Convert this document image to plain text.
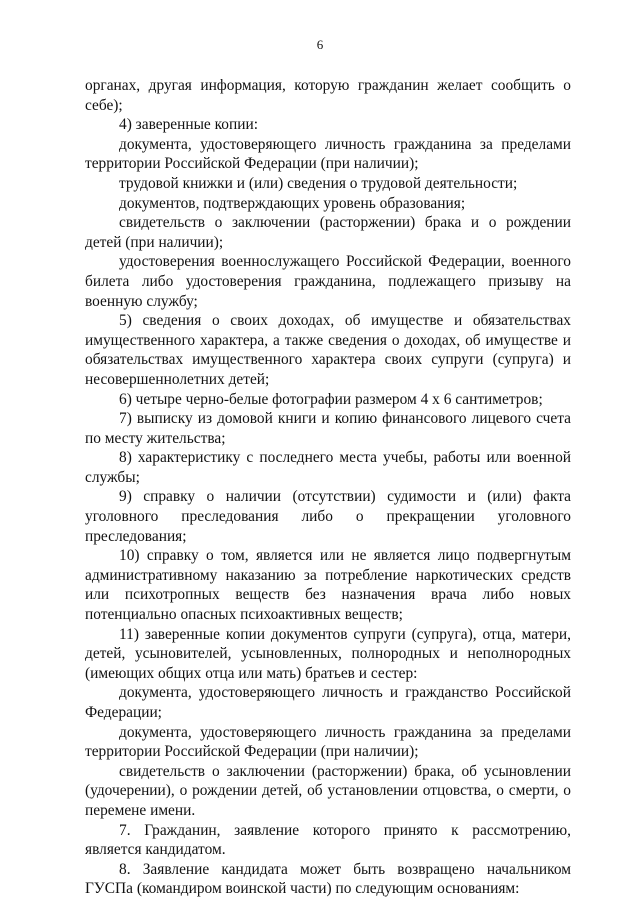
6

органах, другая информация, которую гражданин желает сообщить о себе);

4) заверенные копии:

документа, удостоверяющего личность гражданина за пределами территории Российской Федерации (при наличии);

трудовой книжки и (или) сведения о трудовой деятельности;

документов, подтверждающих уровень образования;

свидетельств о заключении (расторжении) брака и о рождении детей (при наличии);

удостоверения военнослужащего Российской Федерации, военного билета либо удостоверения гражданина, подлежащего призыву на военную службу;

5) сведения о своих доходах, об имуществе и обязательствах имущественного характера, а также сведения о доходах, об имуществе и обязательствах имущественного характера своих супруги (супруга) и несовершеннолетних детей;

6) четыре черно-белые фотографии размером 4 х 6 сантиметров;

7) выписку из домовой книги и копию финансового лицевого счета по месту жительства;

8) характеристику с последнего места учебы, работы или военной службы;

9) справку о наличии (отсутствии) судимости и (или) факта уголовного преследования либо о прекращении уголовного преследования;

10) справку о том, является или не является лицо подвергнутым административному наказанию за потребление наркотических средств или психотропных веществ без назначения врача либо новых потенциально опасных психоактивных веществ;

11) заверенные копии документов супруги (супруга), отца, матери, детей, усыновителей, усыновленных, полнородных и неполнородных (имеющих общих отца или мать) братьев и сестер:

документа, удостоверяющего личность и гражданство Российской Федерации;

документа, удостоверяющего личность гражданина за пределами территории Российской Федерации (при наличии);

свидетельств о заключении (расторжении) брака, об усыновлении (удочерении), о рождении детей, об установлении отцовства, о смерти, о перемене имени.

7. Гражданин, заявление которого принято к рассмотрению, является кандидатом.

8. Заявление кандидата может быть возвращено начальником ГУСПа (командиром воинской части) по следующим основаниям:
